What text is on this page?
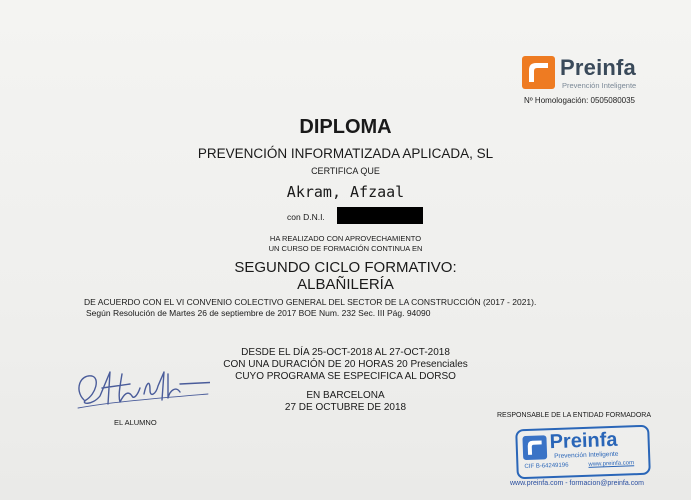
Preinfa
Prevención Inteligente
Nº Homologación: 0505080035
DIPLOMA
PREVENCIÓN INFORMATIZADA APLICADA, SL
CERTIFICA QUE
Akram, Afzaal
con D.N.I.
HA REALIZADO CON APROVECHAMIENTO
UN CURSO DE FORMACIÓN CONTINUA EN
SEGUNDO CICLO FORMATIVO:
ALBAÑILERÍA
DE ACUERDO CON EL VI CONVENIO COLECTIVO GENERAL DEL SECTOR DE LA CONSTRUCCIÓN (2017 - 2021).
Según Resolución de Martes 26 de septiembre de 2017 BOE Num. 232 Sec. III Pág. 94090
DESDE EL DÍA 25-OCT-2018 AL 27-OCT-2018
CON UNA DURACIÓN DE 20 HORAS 20 Presenciales
CUYO PROGRAMA SE ESPECIFICA AL DORSO
EN BARCELONA
27 DE OCTUBRE DE 2018
EL ALUMNO
RESPONSABLE DE LA ENTIDAD FORMADORA
Preinfa
Prevención Inteligente
CIF B-64249196	www.preinfa.com
www.preinfa.com - formacion@preinfa.com
